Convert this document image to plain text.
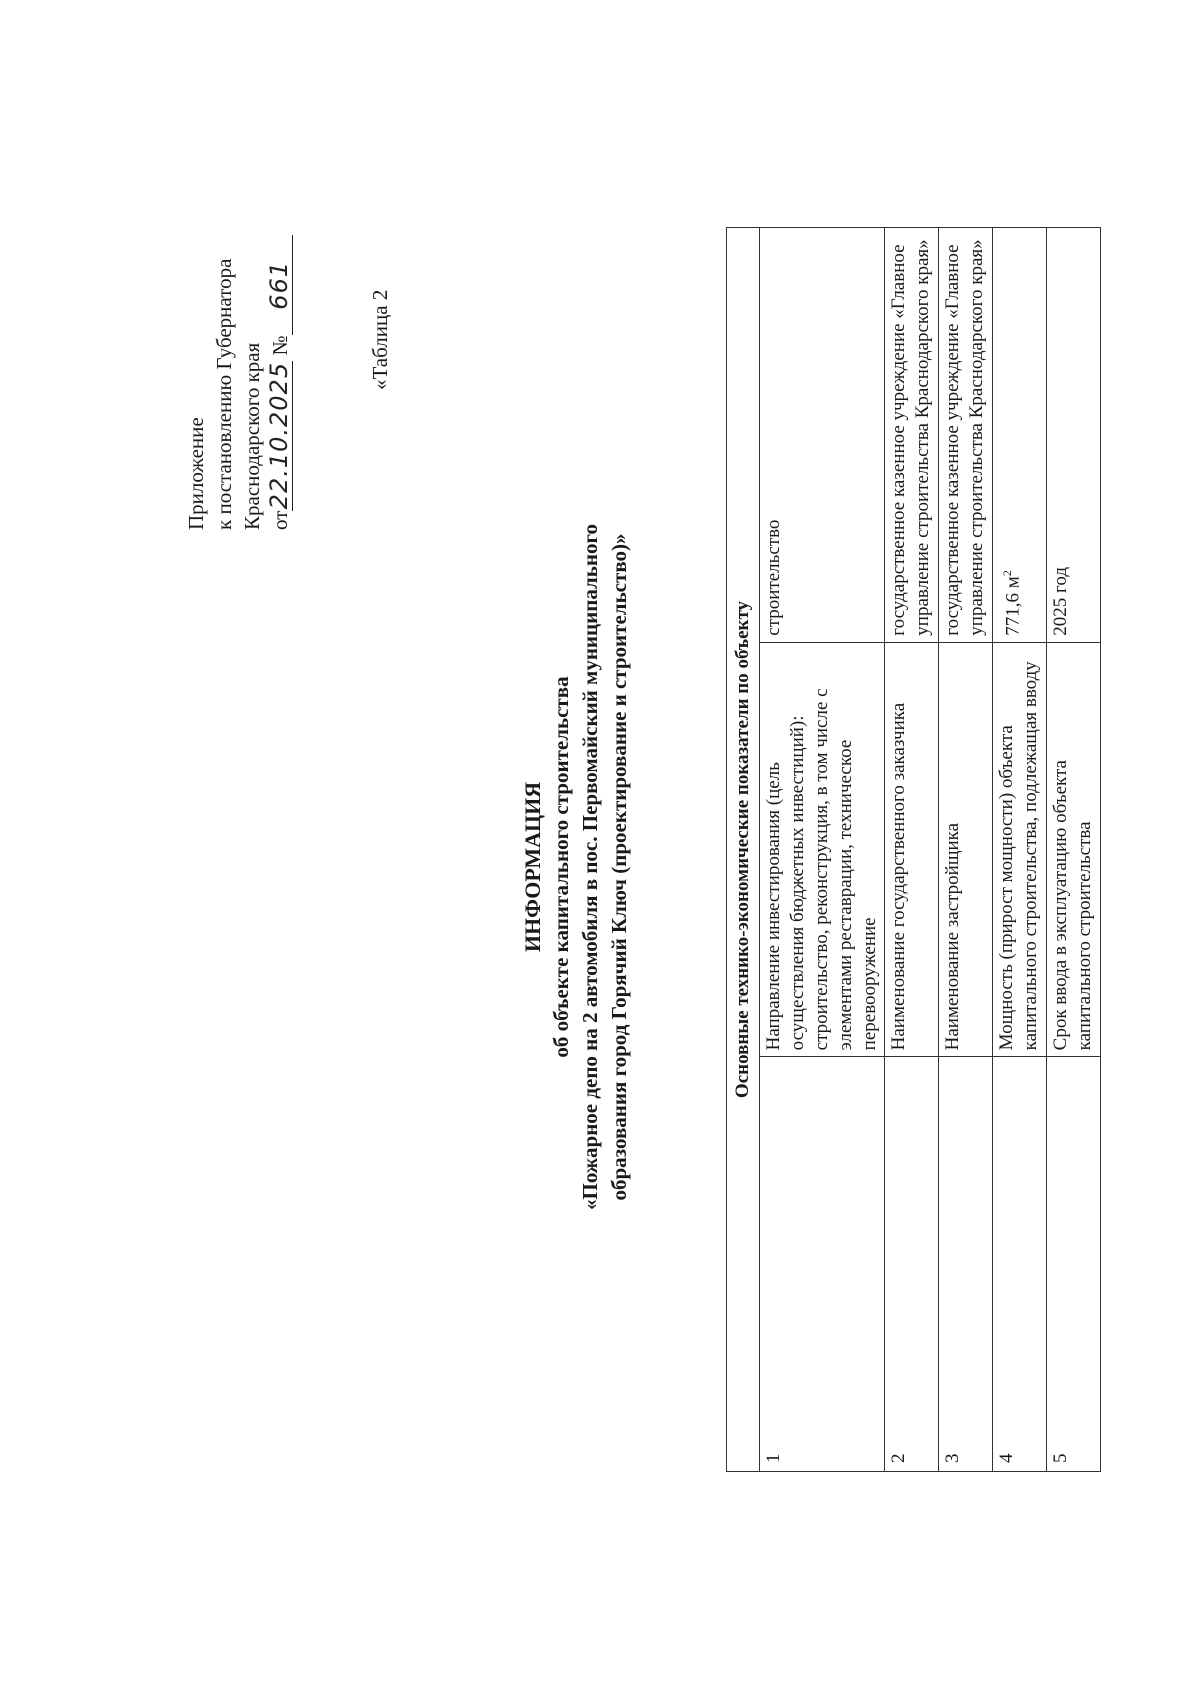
Приложение к постановлению Губернатора Краснодарского края от22.10.2025 №661
«Таблица 2
ИНФОРМАЦИЯ об объекте капитального строительства «Пожарное депо на 2 автомобиля в пос. Первомайский муниципального образования город Горячий Ключ (проектирование и строительство)»	Основные технико-экономические показатели по объекту		
1	Направление инвестирования (цель осуществления бюджетных инвестиций): строительство, реконструкция, в том числе с элементами реставрации, техническое перевооружение	строительство
2	Наименование государственного заказчика	государственное казенное учреждение «Главное управление строительства Краснодарского края»
3	Наименование застройщика	государственное казенное учреждение «Главное управление строительства Краснодарского края»
4	Мощность (прирост мощности) объекта капитального строительства, подлежащая вводу	771,6 $м^2$
5	Срок ввода в эксплуатацию объекта капитального строительства	2025 год
